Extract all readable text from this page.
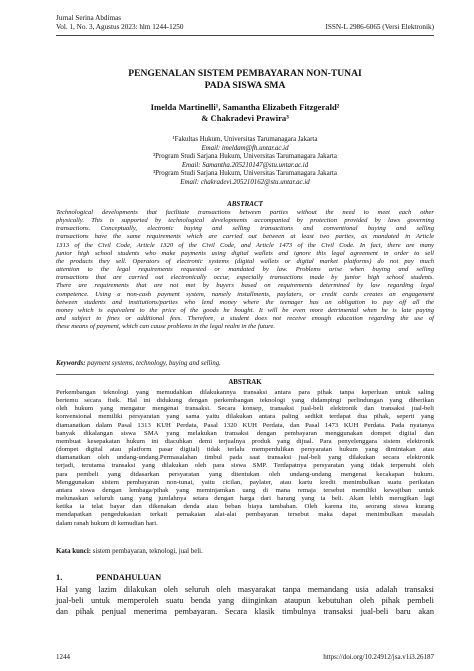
Jurnal Serina Abdimas
Vol. 1, No. 3, Agustus 2023: hlm 1244-1250	ISSN-L 2986-6065 (Versi Elektronik)
PENGENALAN SISTEM PEMBAYARAN NON-TUNAI
PADA SISWA SMA
Imelda Martinelli¹, Samantha Elizabeth Fitzgerald²
& Chakradevi Prawira³
¹Fakultas Hukum, Universitas Tarumanagara Jakarta
Email: imeldam@fh.untar.ac.id
²Program Studi Sarjana Hukum, Universitas Tarumanagara Jakarta
Email: Samantha.205210147@stu.untar.ac.id
³Program Studi Sarjana Hukum, Universitas Tarumanagara Jakarta
Email: chakradevi.205210162@stu.untar.ac.id
ABSTRACT
Technological developments that facilitate transactions between parties without the need to meet each other
physically. This is supported by technological developments accompanied by protection provided by laws governing
transactions. Conceptually, electronic buying and selling transactions and conventional buying and selling
transactions have the same requirements which are carried out between at least two parties, as mandated in Article
1313 of the Civil Code, Article 1320 of the Civil Code, and Article 1473 of the Civil Code. In fact, there are many
junior high school students who make payments using digital wallets and ignore this legal agreement in order to sell
the products they sell. Operators of electronic systems (digital wallets or digital market platforms) do not pay much
attention to the legal requirements requested or mandated by law. Problems arise when buying and selling
transactions that are carried out electronically occur, especially transactions made by junior high school students.
There are requirements that are not met by buyers based on requirements determined by law regarding legal
competence. Using a non-cash payment system, namely installments, paylaters, or credit cards creates an engagement
between students and institutions/parties who lend money where the teenager has an obligation to pay off all the
money which is equivalent to the price of the goods he bought. It will be even more detrimental when he is late paying
and subject to fines or additional fees. Therefore, a student does not receive enough education regarding the use of
these means of payment, which can cause problems in the legal realm in the future.
Keywords: payment systems, technology, buying and selling.
ABSTRAK
Perkembangan teknologi yang memudahkan dilakukannya transaksi antara para pihak tanpa keperluan untuk saling
bertemu secara fisik. Hal ini didukung dengan perkembangan teknologi yang didampingi perlindungan yang diberikan
oleh hukum yang mengatur mengenai transaksi. Secara konsep, transaksi jual-beli elektronik dan transaksi jual-beli
konvensional memiliki persyaratan yang sama yaitu dilakukan antara paling sedikit terdapat dua pihak, seperti yang
diamanatkan dalam Pasal 1313 KUH Perdata, Pasal 1320 KUH Perdata, dan Pasal 1473 KUH Perdata. Pada nyatanya
banyak dikalangan siswa SMA yang melakukan transaksi dengan pembayaran menggunakan dompet digital dan
membuat kesepakatan hukum ini diacuhkan demi terjualnya produk yang dijual. Para penyelenggara sistem elektronik
(dompet digital atau platform pasar digital) tidak terlalu memperdulikan persyaratan hukum yang dimintakan atau
diamanatkan oleh undang-undang.Permasalahan timbul pada saat transaksi jual-beli yang dilakukan secara elektronik
terjadi, terutama transaksi yang dilakukan oleh para siswa SMP. Terdapatnya persyaratan yang tidak terpenuhi oleh
para pembeli yang didasarkan persyaratan yang ditentukan oleh undang-undang mengenai kecakapan hukum.
Menggunakan sistem pembayaran non-tunai, yaitu cicilan, paylater, atau kartu kredit menimbulkan suatu perikatan
antara siswa dengan lembaga/pihak yang meminjamkan uang di mana remaja tersebut memiliki kewajiban untuk
melunaskan seluruh uang yang jumlahnya setara dengan harga dari barang yang ia beli. Akan lebih merugikan lagi
ketika ia telat bayar dan dikenakan denda atau beban biaya tambahan. Oleh karena itu, seorang siswa kurang
mendapatkan pengedukasian terkait pemakaian alat-alat pembayaran tersebut maka dapat menimbulkan masalah
dalam ranah hukum di kemudian hari.
Kata kunci: sistem pembayaran, teknologi, jual beli.
1.	PENDAHULUAN
Hal yang lazim dilakukan oleh seluruh oleh masyarakat tanpa memandang usia adalah transaksi
jual-beli untuk memperoleh suatu benda yang diinginkan ataupun kebutuhan oleh pihak pembeli
dan pihak penjual menerima pembayaran. Secara klasik timbulnya transaksi jual-beli baru akan
1244	https://doi.org/10.24912/jsa.v1i3.26187
